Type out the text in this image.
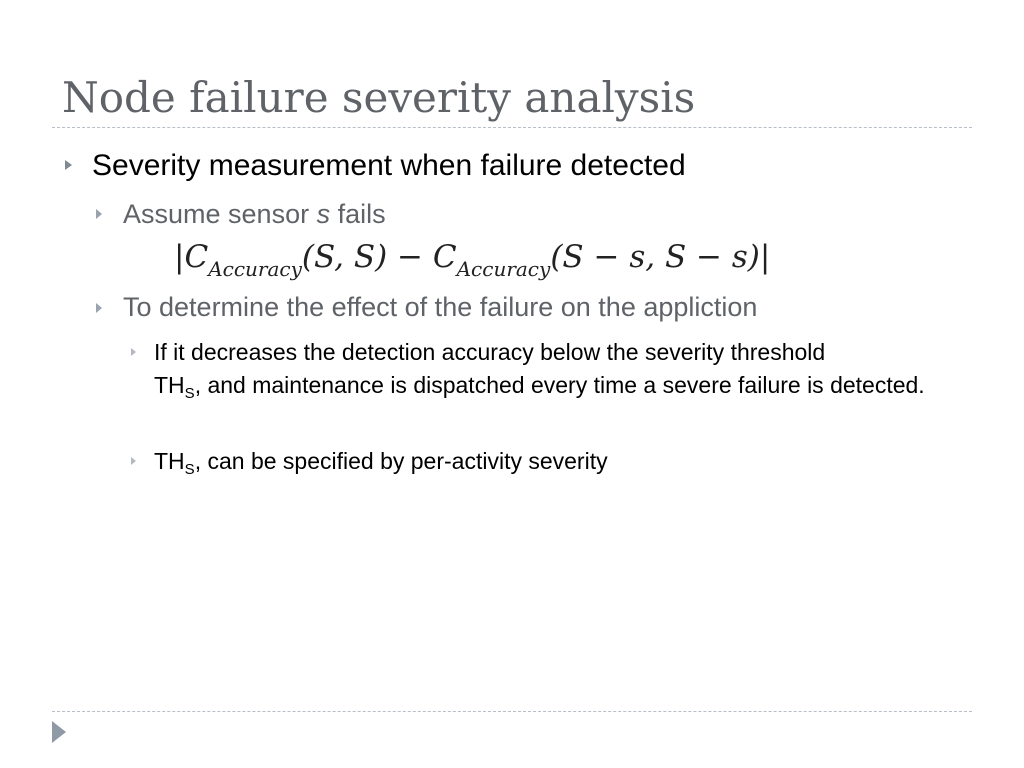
Node failure severity analysis
Severity measurement when failure detected
Assume sensor s fails
$|C_{Accuracy}(S$, $S) - C_{Accuracy}(S - s$, S − s)|
To determine the effect of the failure on the appliction
If it decreases the detection accuracy below the severity threshold
$TH_S$, and maintenance is dispatched every time a severe failure is detected.
$TH_S$, can be specified by per-activity severity
